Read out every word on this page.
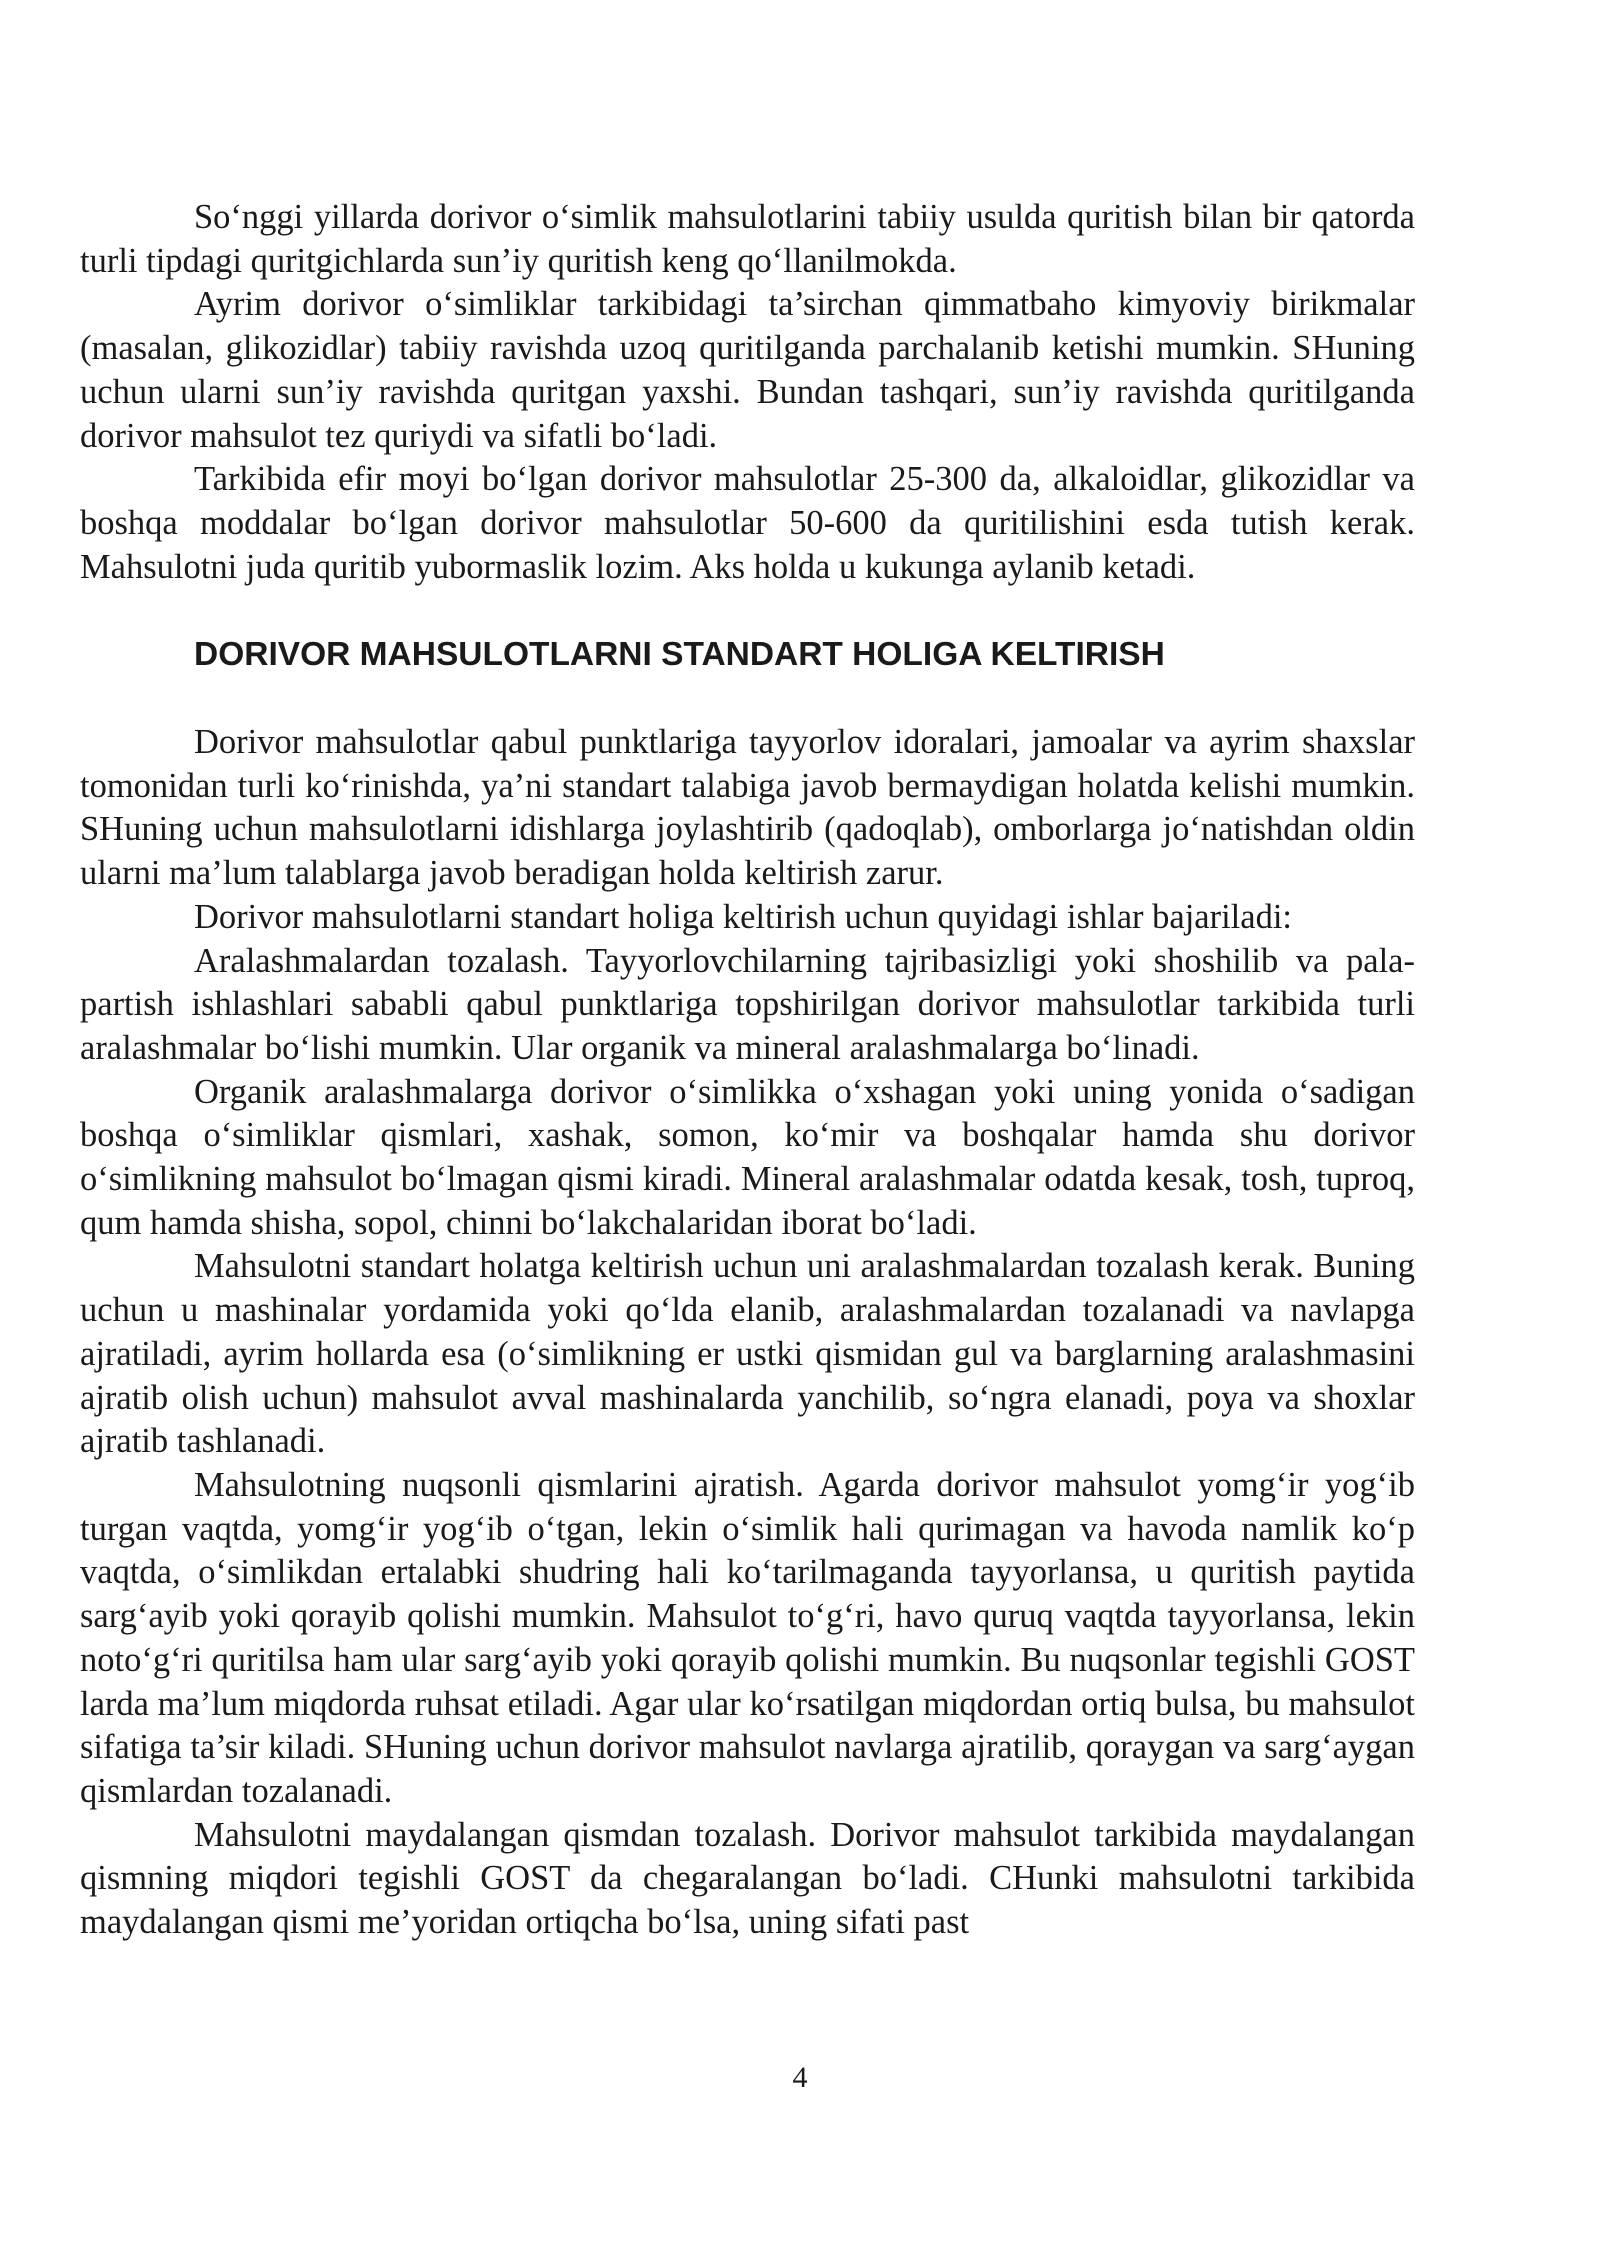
So‘nggi yillarda dorivor o‘simlik mahsulotlarini tabiiy usulda quritish bilan bir qatorda turli tipdagi quritgichlarda sun’iy quritish keng qo‘llanilmokda.

Ayrim dorivor o‘simliklar tarkibidagi ta’sirchan qimmatbaho kimyoviy birikmalar (masalan, glikozidlar) tabiiy ravishda uzoq quritilganda parchalanib ketishi mumkin. SHuning uchun ularni sun’iy ravishda quritgan yaxshi. Bundan tashqari, sun’iy ravishda quritilganda dorivor mahsulot tez quriydi va sifatli bo‘ladi.

Tarkibida efir moyi bo‘lgan dorivor mahsulotlar 25-300 da, alkaloidlar, glikozidlar va boshqa moddalar bo‘lgan dorivor mahsulotlar 50-600 da quritilishini esda tutish kerak. Mahsulotni juda quritib yubormaslik lozim. Aks holda u kukunga aylanib ketadi.

DORIVOR MAHSULOTLARNI STANDART HOLIGA KELTIRISH

Dorivor mahsulotlar qabul punktlariga tayyorlov idoralari, jamoalar va ayrim shaxslar tomonidan turli ko‘rinishda, ya’ni standart talabiga javob bermaydigan holatda kelishi mumkin. SHuning uchun mahsulotlarni idishlarga joylashtirib (qadoqlab), omborlarga jo‘natishdan oldin ularni ma’lum talablarga javob beradigan holda keltirish zarur.

Dorivor mahsulotlarni standart holiga keltirish uchun quyidagi ishlar bajariladi:

Aralashmalardan tozalash. Tayyorlovchilarning tajribasizligi yoki shoshilib va pala-partish ishlashlari sababli qabul punktlariga topshirilgan dorivor mahsulotlar tarkibida turli aralashmalar bo‘lishi mumkin. Ular organik va mineral aralashmalarga bo‘linadi.

Organik aralashmalarga dorivor o‘simlikka o‘xshagan yoki uning yonida o‘sadigan boshqa o‘simliklar qismlari, xashak, somon, ko‘mir va boshqalar hamda shu dorivor o‘simlikning mahsulot bo‘lmagan qismi kiradi. Mineral aralashmalar odatda kesak, tosh, tuproq, qum hamda shisha, sopol, chinni bo‘lakchalaridan iborat bo‘ladi.

Mahsulotni standart holatga keltirish uchun uni aralashmalardan tozalash kerak. Buning uchun u mashinalar yordamida yoki qo‘lda elanib, aralashmalardan tozalanadi va navlapga ajratiladi, ayrim hollarda esa (o‘simlikning er ustki qismidan gul va barglarning aralashmasini ajratib olish uchun) mahsulot avval mashinalarda yanchilib, so‘ngra elanadi, poya va shoxlar ajratib tashlanadi.

Mahsulotning nuqsonli qismlarini ajratish. Agarda dorivor mahsulot yomg‘ir yog‘ib turgan vaqtda, yomg‘ir yog‘ib o‘tgan, lekin o‘simlik hali qurimagan va havoda namlik ko‘p vaqtda, o‘simlikdan ertalabki shudring hali ko‘tarilmaganda tayyorlansa, u quritish paytida sarg‘ayib yoki qorayib qolishi mumkin. Mahsulot to‘g‘ri, havo quruq vaqtda tayyorlansa, lekin noto‘g‘ri quritilsa ham ular sarg‘ayib yoki qorayib qolishi mumkin. Bu nuqsonlar tegishli GOST larda ma’lum miqdorda ruhsat etiladi. Agar ular ko‘rsatilgan miqdordan ortiq bulsa, bu mahsulot sifatiga ta’sir kiladi. SHuning uchun dorivor mahsulot navlarga ajratilib, qoraygan va sarg‘aygan qismlardan tozalanadi.

Mahsulotni maydalangan qismdan tozalash. Dorivor mahsulot tarkibida maydalangan qismning miqdori tegishli GOST da chegaralangan bo‘ladi. CHunki mahsulotni tarkibida maydalangan qismi me’yoridan ortiqcha bo‘lsa, uning sifati past

4
